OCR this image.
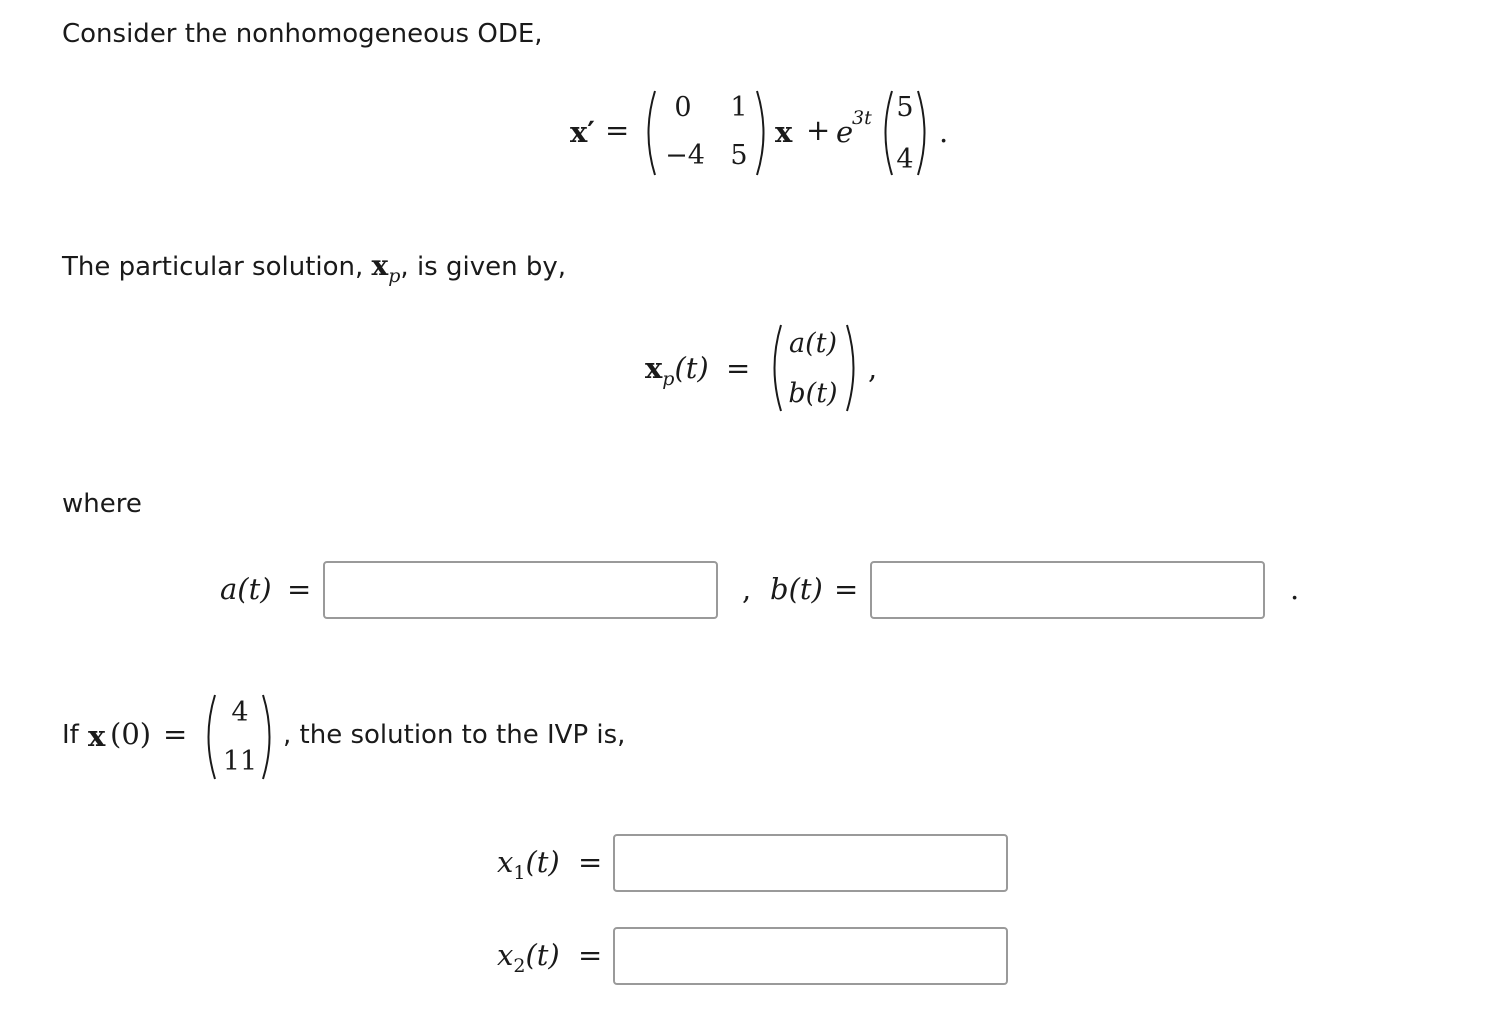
Consider the nonhomogeneous ODE,
x′ =
0 1
−4 5
x + e
3t 5
4
.
The particular solution, $x_p$, is given by,
$x_p(t)$ =
a(t)
b(t)
,
where
a(t) =	, b(t) =	.
If x (0) =
4
11
, the solution to the IVP is,
$x_1(t)$ =
$x_2(t)$ =
